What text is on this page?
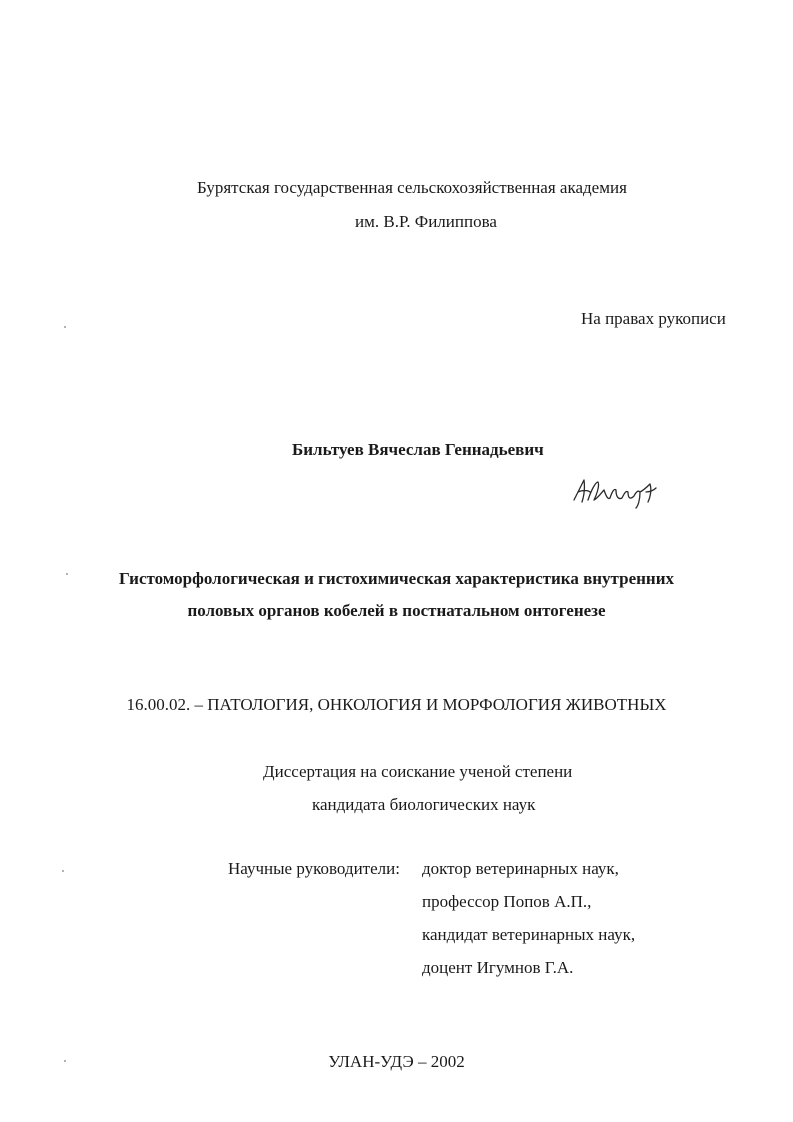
Бурятская государственная сельскохозяйственная академия
им. В.Р. Филиппова
На правах рукописи
Бильтуев Вячеслав Геннадьевич
Гистоморфологическая и гистохимическая характеристика внутренних
половых органов кобелей в постнатальном онтогенезе
16.00.02. – ПАТОЛОГИЯ, ОНКОЛОГИЯ И МОРФОЛОГИЯ ЖИВОТНЫХ
Диссертация на соискание ученой степени
кандидата биологических наук
Научные руководители: доктор ветеринарных наук,
профессор Попов А.П.,
кандидат ветеринарных наук,
доцент Игумнов Г.А.
УЛАН-УДЭ – 2002
